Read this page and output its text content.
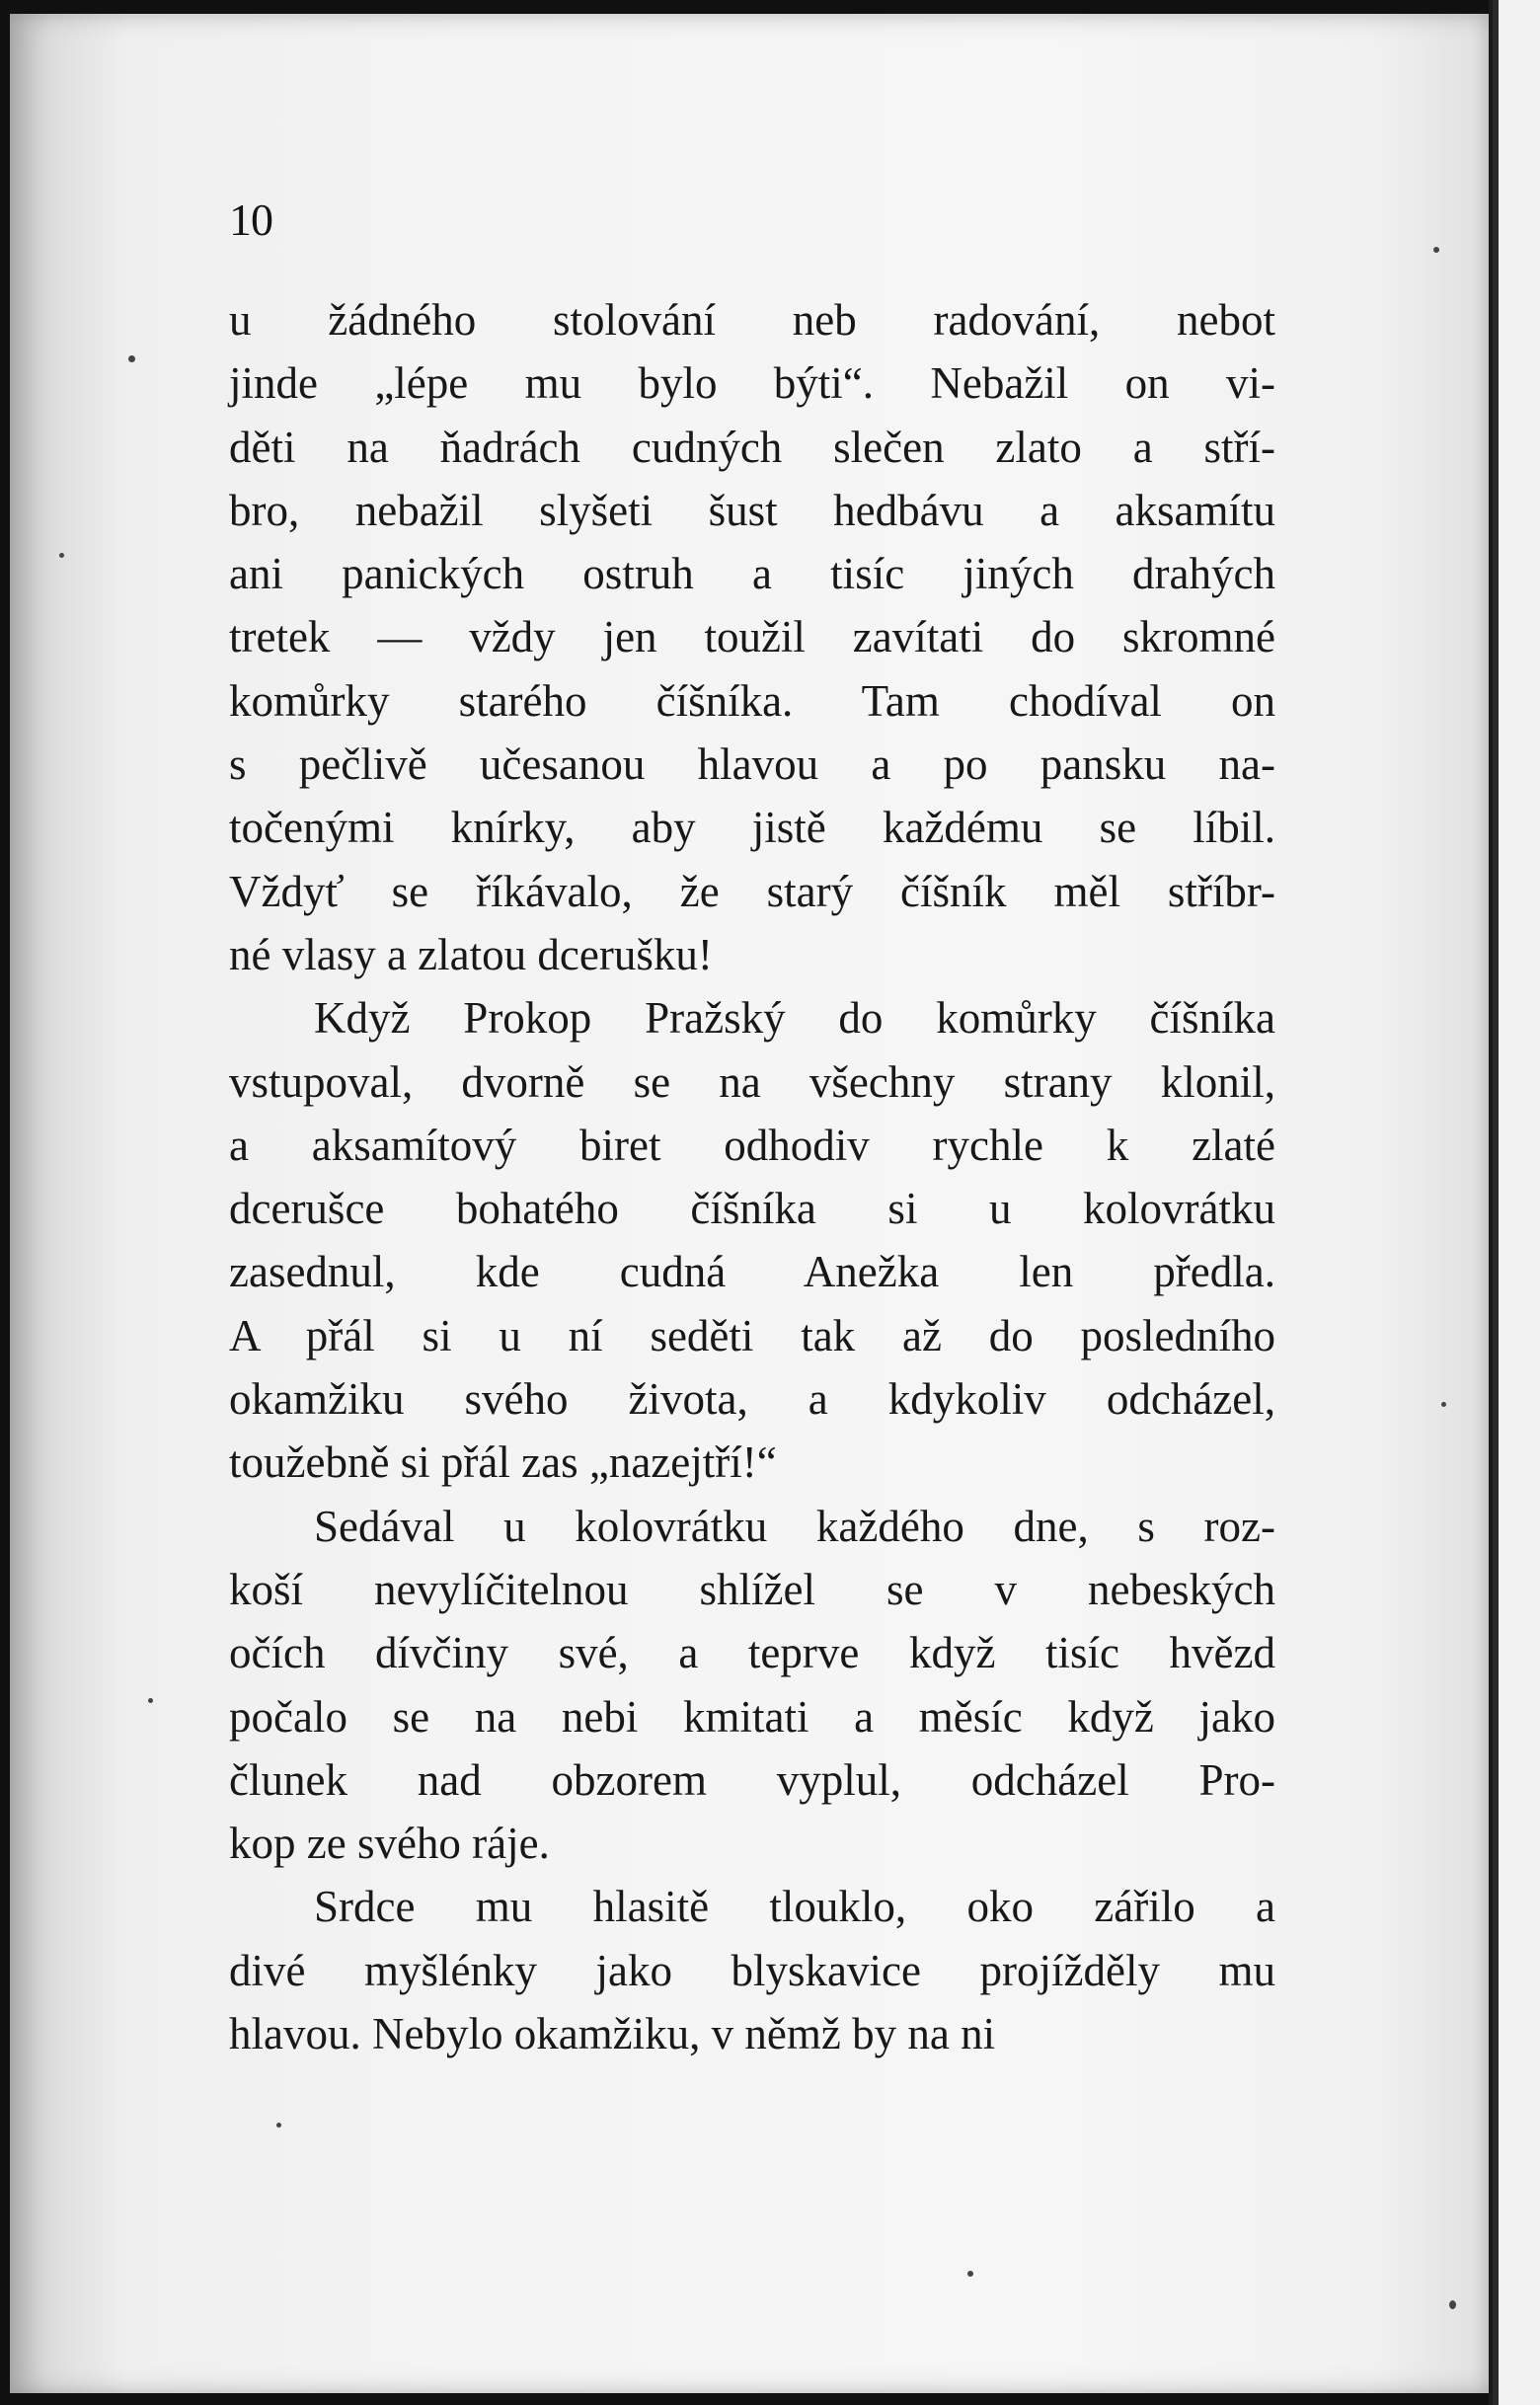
10
u žádného stolování neb radování, nebot
jinde „lépe mu bylo býti“. Nebažil on vi-
děti na ňadrách cudných slečen zlato a stří-
bro, nebažil slyšeti šust hedbávu a aksamítu
ani panických ostruh a tisíc jiných drahých
tretek — vždy jen toužil zavítati do skromné
komůrky starého číšníka. Tam chodíval on
s pečlivě učesanou hlavou a po pansku na-
točenými knírky, aby jistě každému se líbil.
Vždyť se říkávalo, že starý číšník měl stříbr-
né vlasy a zlatou dcerušku!
Když Prokop Pražský do komůrky číšníka
vstupoval, dvorně se na všechny strany klonil,
a aksamítový biret odhodiv rychle k zlaté
dcerušce bohatého číšníka si u kolovrátku
zasednul, kde cudná Anežka len předla.
A přál si u ní seděti tak až do posledního
okamžiku svého života, a kdykoliv odcházel,
toužebně si přál zas „nazejtří!“
Sedával u kolovrátku každého dne, s roz-
koší nevylíčitelnou shlížel se v nebeských
očích dívčiny své, a teprve když tisíc hvězd
počalo se na nebi kmitati a měsíc když jako
člunek nad obzorem vyplul, odcházel Pro-
kop ze svého ráje.
Srdce mu hlasitě tlouklo, oko zářilo a
divé myšlénky jako blyskavice projížděly mu
hlavou. Nebylo okamžiku, v němž by na ni
